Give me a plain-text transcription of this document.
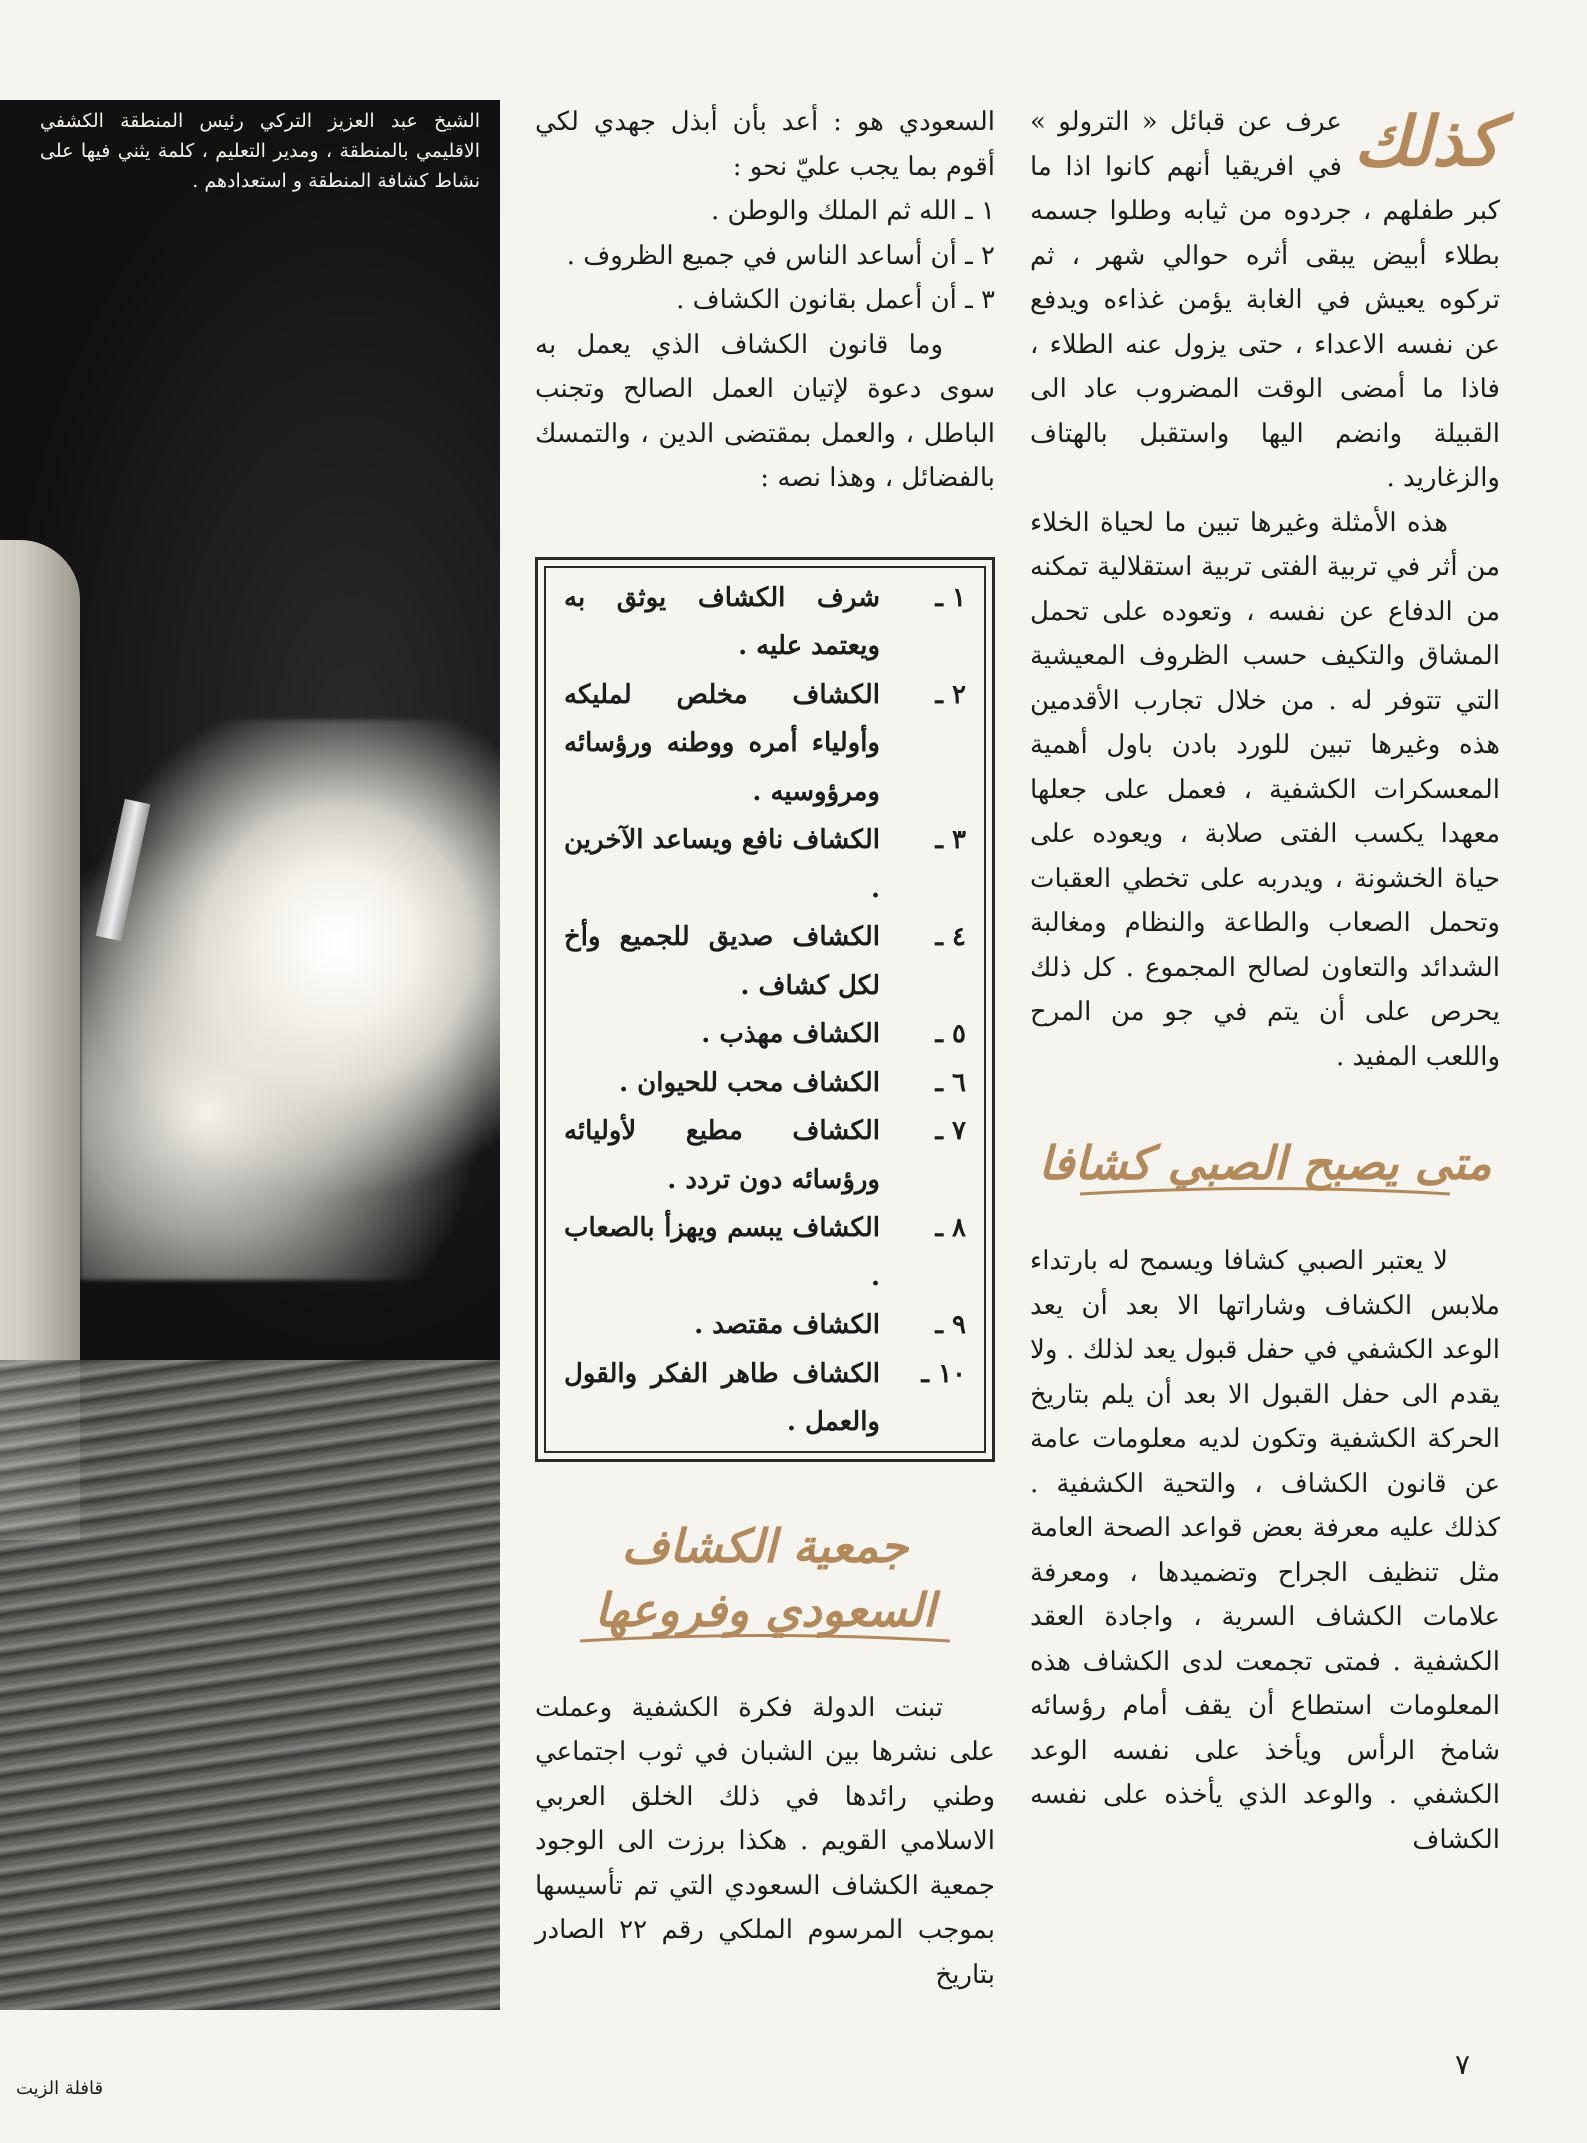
الشيخ عبد العزيز التركي رئيس المنطقة الكشفي الاقليمي بالمنطقة ، ومدير التعليم ، كلمة يثني فيها على نشاط كشافة المنطقة و استعدادهم .

السعودي هو : أعد بأن أبذل جهدي لكي أقوم بما يجب عليّ نحو :

١ ـ الله ثم الملك والوطن .

٢ ـ أن أساعد الناس في جميع الظروف .

٣ ـ أن أعمل بقانون الكشاف .

وما قانون الكشاف الذي يعمل به سوى دعوة لإتيان العمل الصالح وتجنب الباطل ، والعمل بمقتضى الدين ، والتمسك بالفضائل ، وهذا نصه :

١ ـ
شرف الكشاف يوثق به ويعتمد عليه .

٢ ـ
الكشاف مخلص لمليكه وأولياء أمره ووطنه ورؤسائه ومرؤوسيه .

٣ ـ
الكشاف نافع ويساعد الآخرين .

٤ ـ
الكشاف صديق للجميع وأخ لكل كشاف .

٥ ـ
الكشاف مهذب .

٦ ـ
الكشاف محب للحيوان .

٧ ـ
الكشاف مطيع لأوليائه ورؤسائه دون تردد .

٨ ـ
الكشاف يبسم ويهزأ بالصعاب .

٩ ـ
الكشاف مقتصد .

١٠ ـ
الكشاف طاهر الفكر والقول والعمل .

جمعية الكشاف السعودي وفروعها

تبنت الدولة فكرة الكشفية وعملت على نشرها بين الشبان في ثوب اجتماعي وطني رائدها في ذلك الخلق العربي الاسلامي القويم . هكذا برزت الى الوجود جمعية الكشاف السعودي التي تم تأسيسها بموجب المرسوم الملكي رقم ٢٢ الصادر بتاريخ

كذلك

عرف عن قبائل « الترولو » في افريقيا أنهم كانوا اذا ما كبر طفلهم ، جردوه من ثيابه وطلوا جسمه بطلاء أبيض يبقى أثره حوالي شهر ، ثم تركوه يعيش في الغابة يؤمن غذاءه ويدفع عن نفسه الاعداء ، حتى يزول عنه الطلاء ، فاذا ما أمضى الوقت المضروب عاد الى القبيلة وانضم اليها واستقبل بالهتاف والزغاريد .

هذه الأمثلة وغيرها تبين ما لحياة الخلاء من أثر في تربية الفتى تربية استقلالية تمكنه من الدفاع عن نفسه ، وتعوده على تحمل المشاق والتكيف حسب الظروف المعيشية التي تتوفر له . من خلال تجارب الأقدمين هذه وغيرها تبين للورد بادن باول أهمية المعسكرات الكشفية ، فعمل على جعلها معهدا يكسب الفتى صلابة ، ويعوده على حياة الخشونة ، ويدربه على تخطي العقبات وتحمل الصعاب والطاعة والنظام ومغالبة الشدائد والتعاون لصالح المجموع . كل ذلك يحرص على أن يتم في جو من المرح واللعب المفيد .

متى يصبح الصبي كشافا

لا يعتبر الصبي كشافا ويسمح له بارتداء ملابس الكشاف وشاراتها الا بعد أن يعد الوعد الكشفي في حفل قبول يعد لذلك . ولا يقدم الى حفل القبول الا بعد أن يلم بتاريخ الحركة الكشفية وتكون لديه معلومات عامة عن قانون الكشاف ، والتحية الكشفية . كذلك عليه معرفة بعض قواعد الصحة العامة مثل تنظيف الجراح وتضميدها ، ومعرفة علامات الكشاف السرية ، واجادة العقد الكشفية . فمتى تجمعت لدى الكشاف هذه المعلومات استطاع أن يقف أمام رؤسائه شامخ الرأس ويأخذ على نفسه الوعد الكشفي . والوعد الذي يأخذه على نفسه الكشاف

٧
قافلة الزيت
